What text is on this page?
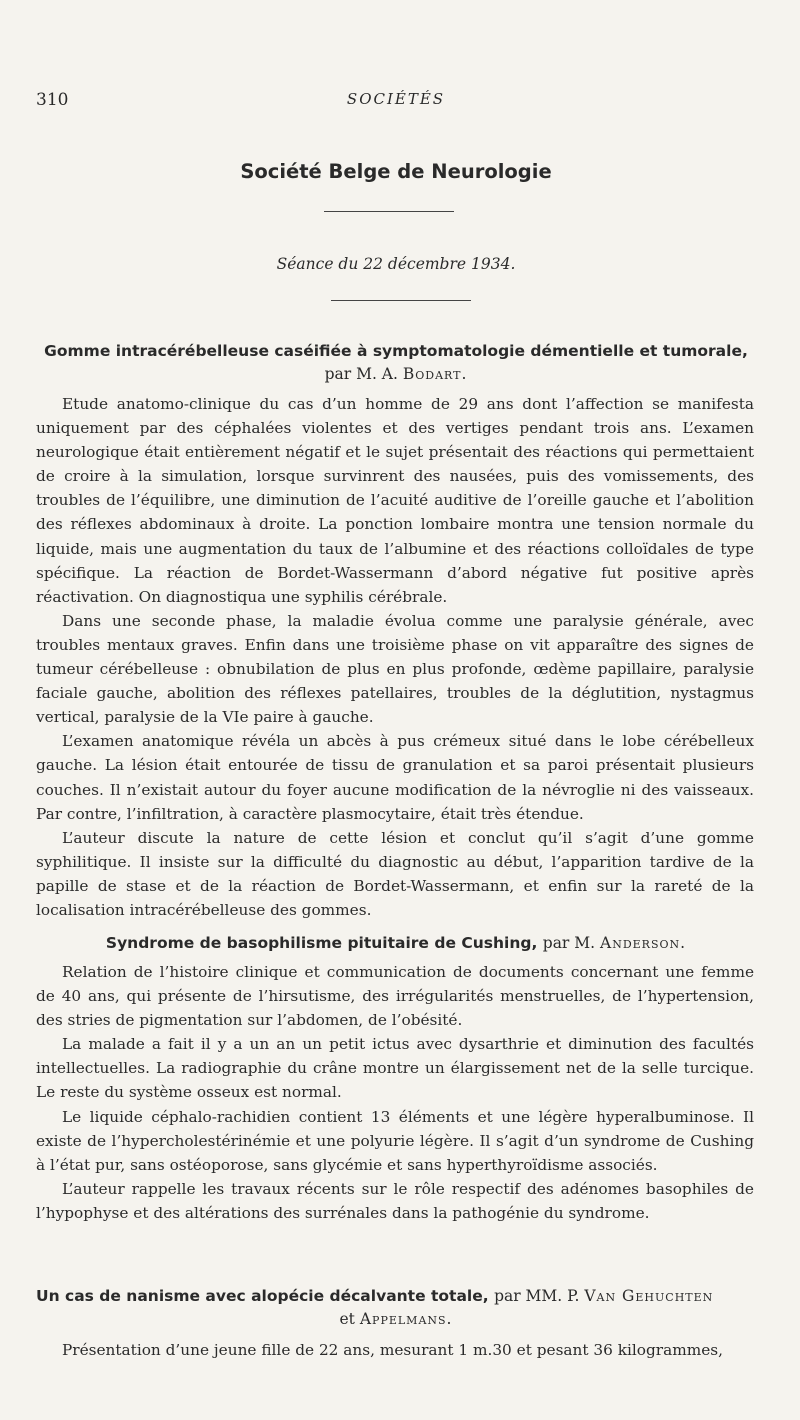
310	SOCIÉTÉS
Société Belge de Neurologie
Séance du 22 décembre 1934.
Gomme intracérébelleuse caséifiée à symptomatologie démentielle et tumorale, par M. A. Bodart.

Etude anatomo-clinique du cas d’un homme de 29 ans dont l’affection se manifesta uniquement par des céphalées violentes et des vertiges pendant trois ans. L’examen neurologique était entièrement négatif et le sujet présentait des réactions qui permettaient de croire à la simulation, lorsque survinrent des nausées, puis des vomissements, des troubles de l’équilibre, une diminution de l’acuité auditive de l’oreille gauche et l’abolition des réflexes abdominaux à droite. La ponction lombaire montra une tension normale du liquide, mais une augmentation du taux de l’albumine et des réactions colloïdales de type spécifique. La réaction de Bordet-Wassermann d’abord négative fut positive après réactivation. On diagnostiqua une syphilis cérébrale.

Dans une seconde phase, la maladie évolua comme une paralysie générale, avec troubles mentaux graves. Enfin dans une troisième phase on vit apparaître des signes de tumeur cérébelleuse : obnubilation de plus en plus profonde, œdème papillaire, paralysie faciale gauche, abolition des réflexes patellaires, troubles de la déglutition, nystagmus vertical, paralysie de la VIe paire à gauche.

L’examen anatomique révéla un abcès à pus crémeux situé dans le lobe cérébelleux gauche. La lésion était entourée de tissu de granulation et sa paroi présentait plusieurs couches. Il n’existait autour du foyer aucune modification de la névroglie ni des vaisseaux. Par contre, l’infiltration, à caractère plasmocytaire, était très étendue.

L’auteur discute la nature de cette lésion et conclut qu’il s’agit d’une gomme syphilitique. Il insiste sur la difficulté du diagnostic au début, l’apparition tardive de la papille de stase et de la réaction de Bordet-Wassermann, et enfin sur la rareté de la localisation intracérébelleuse des gommes.

Syndrome de basophilisme pituitaire de Cushing, par M. Anderson.

Relation de l’histoire clinique et communication de documents concernant une femme de 40 ans, qui présente de l’hirsutisme, des irrégularités menstruelles, de l’hypertension, des stries de pigmentation sur l’abdomen, de l’obésité.

La malade a fait il y a un an un petit ictus avec dysarthrie et diminution des facultés intellectuelles. La radiographie du crâne montre un élargissement net de la selle turcique. Le reste du système osseux est normal.

Le liquide céphalo-rachidien contient 13 éléments et une légère hyperalbuminose. Il existe de l’hypercholestérinémie et une polyurie légère. Il s’agit d’un syndrome de Cushing à l’état pur, sans ostéoporose, sans glycémie et sans hyperthyroïdisme associés.

L’auteur rappelle les travaux récents sur le rôle respectif des adénomes basophiles de l’hypophyse et des altérations des surrénales dans la pathogénie du syndrome.

Un cas de nanisme avec alopécie décalvante totale, par MM. P. Van Gehuchten
et Appelmans.

Présentation d’une jeune fille de 22 ans, mesurant 1 m.30 et pesant 36 kilogrammes,
